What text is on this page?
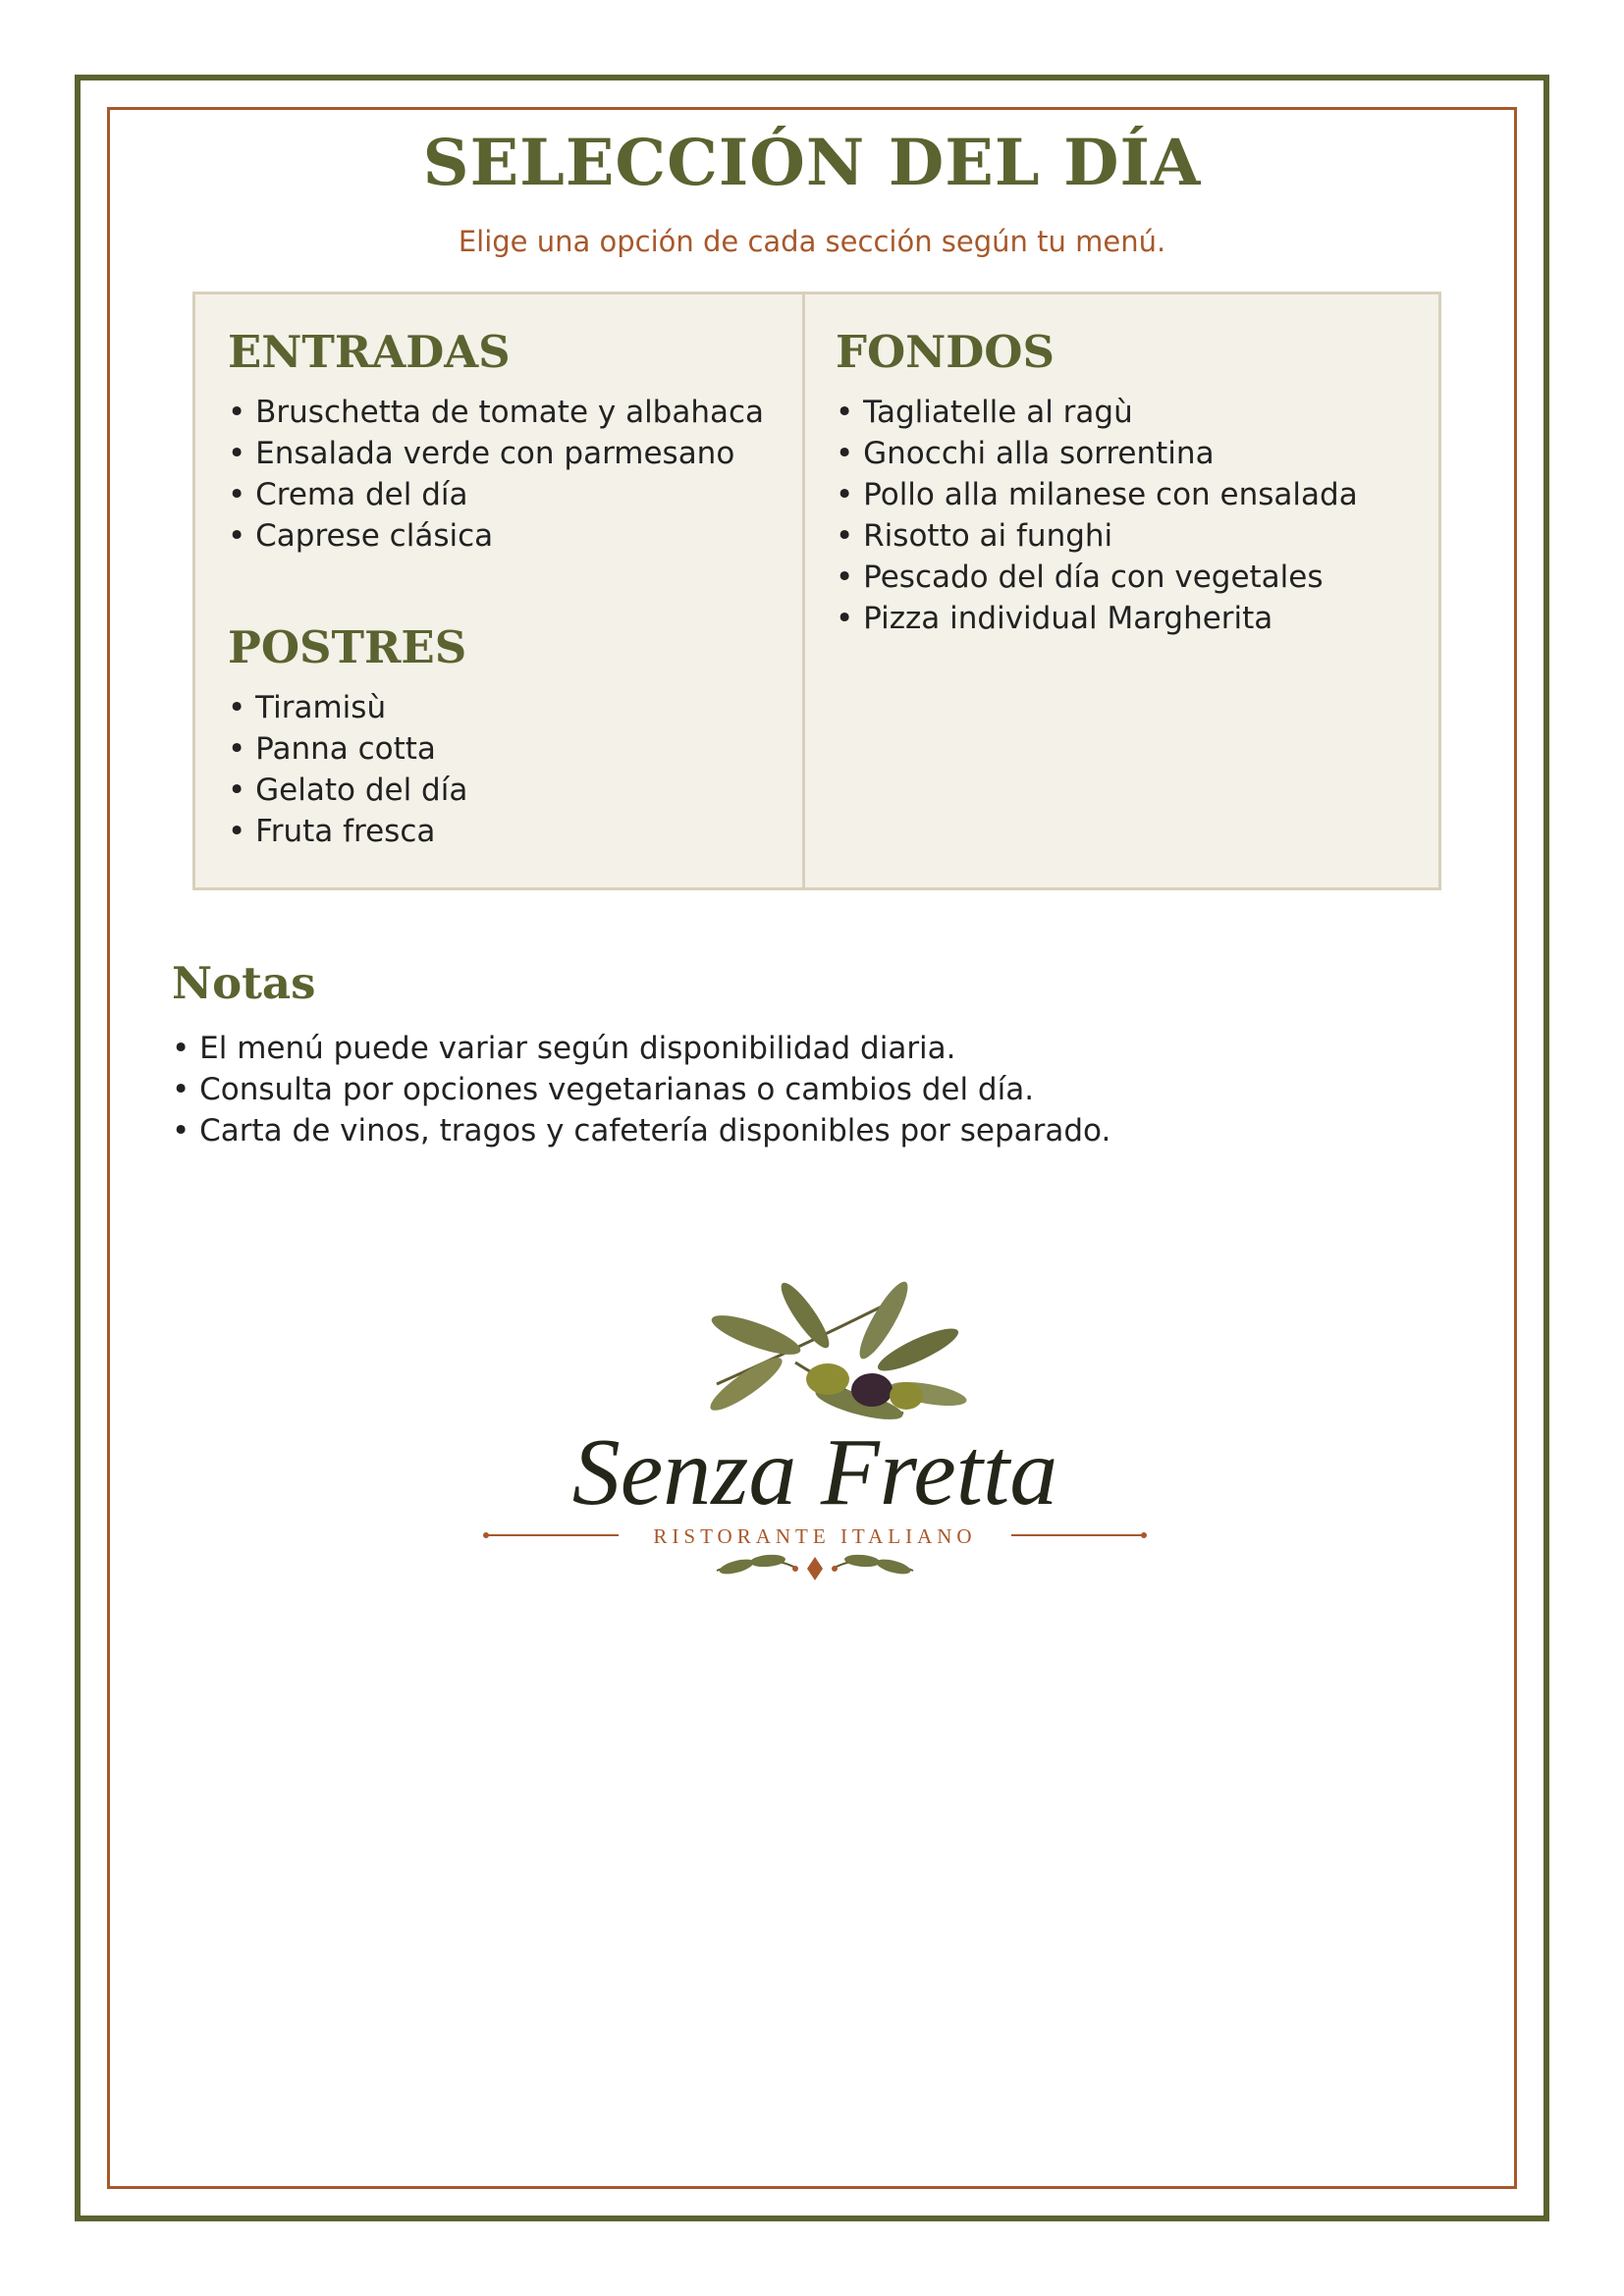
SELECCIÓN DEL DÍA

Elige una opción de cada sección según tu menú.

ENTRADAS
• Bruschetta de tomate y albahaca
• Ensalada verde con parmesano
• Crema del día
• Caprese clásica
POSTRES
• Tiramisù
• Panna cotta
• Gelato del día
• Fruta fresca
FONDOS
• Tagliatelle al ragù
• Gnocchi alla sorrentina
• Pollo alla milanese con ensalada
• Risotto ai funghi
• Pescado del día con vegetales
• Pizza individual Margherita
Notas
• El menú puede variar según disponibilidad diaria.
• Consulta por opciones vegetarianas o cambios del día.
• Carta de vinos, tragos y cafetería disponibles por separado.
Senza Fretta
RISTORANTE ITALIANO
